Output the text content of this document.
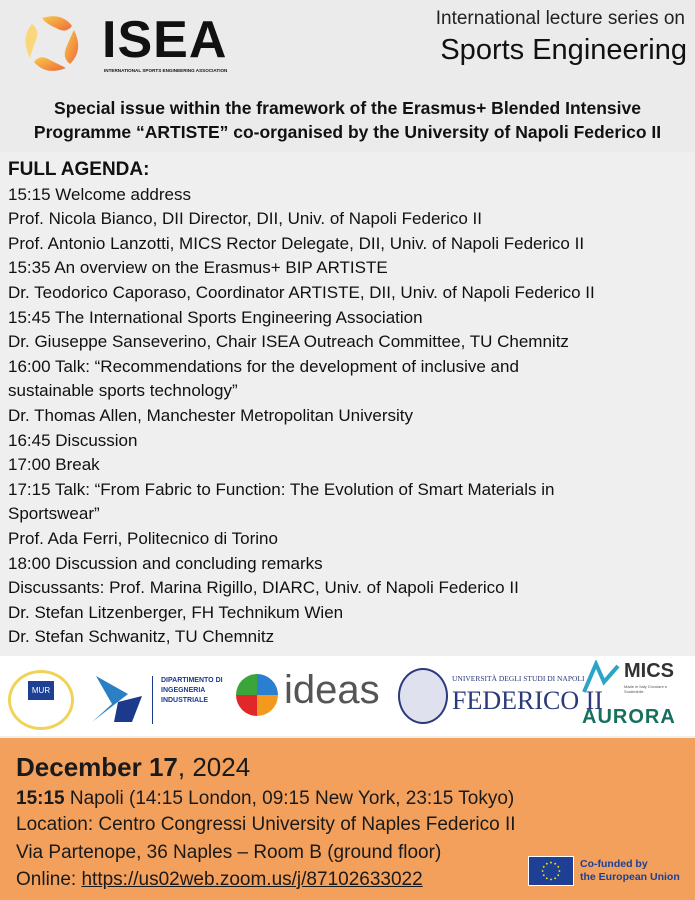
ISEA
INTERNATIONAL SPORTS ENGINEERING ASSOCIATION
International lecture series on
Sports Engineering
Special issue within the framework of the Erasmus+ Blended Intensive
Programme “ARTISTE” co-organised by the University of Napoli Federico II
FULL AGENDA:
15:15 Welcome address
Prof. Nicola Bianco, DII Director, DII, Univ. of Napoli Federico II
Prof. Antonio Lanzotti, MICS Rector Delegate, DII, Univ. of Napoli Federico II
15:35 An overview on the Erasmus+ BIP ARTISTE
Dr. Teodorico Caporaso, Coordinator ARTISTE, DII, Univ. of Napoli Federico II
15:45 The International Sports Engineering Association
Dr. Giuseppe Sanseverino, Chair ISEA Outreach Committee, TU Chemnitz
16:00 Talk: “Recommendations for the development of inclusive and
sustainable sports technology”
Dr. Thomas Allen, Manchester Metropolitan University
16:45 Discussion
17:00 Break
17:15 Talk: “From Fabric to Function: The Evolution of Smart Materials in
Sportswear”
Prof. Ada Ferri, Politecnico di Torino
18:00 Discussion and concluding remarks
Discussants: Prof. Marina Rigillo, DIARC, Univ. of Napoli Federico II
Dr. Stefan Litzenberger, FH Technikum Wien
Dr. Stefan Schwanitz, TU Chemnitz
MUR
DIPARTIMENTO DI
INGEGNERIA
INDUSTRIALE	ideas	UNIVERSITÀ DEGLI STUDI DI NAPOLI
FEDERICO II
MICS
Made in Italy Circolare e Sostenibile
AURORA
December 17, 2024
15:15 Napoli (14:15 London, 09:15 New York, 23:15 Tokyo)
Location: Centro Congressi University of Naples Federico II
Via Partenope, 36 Naples – Room B (ground floor)
Online: https://us02web.zoom.us/j/87102633022
Co-funded by
the European Union
